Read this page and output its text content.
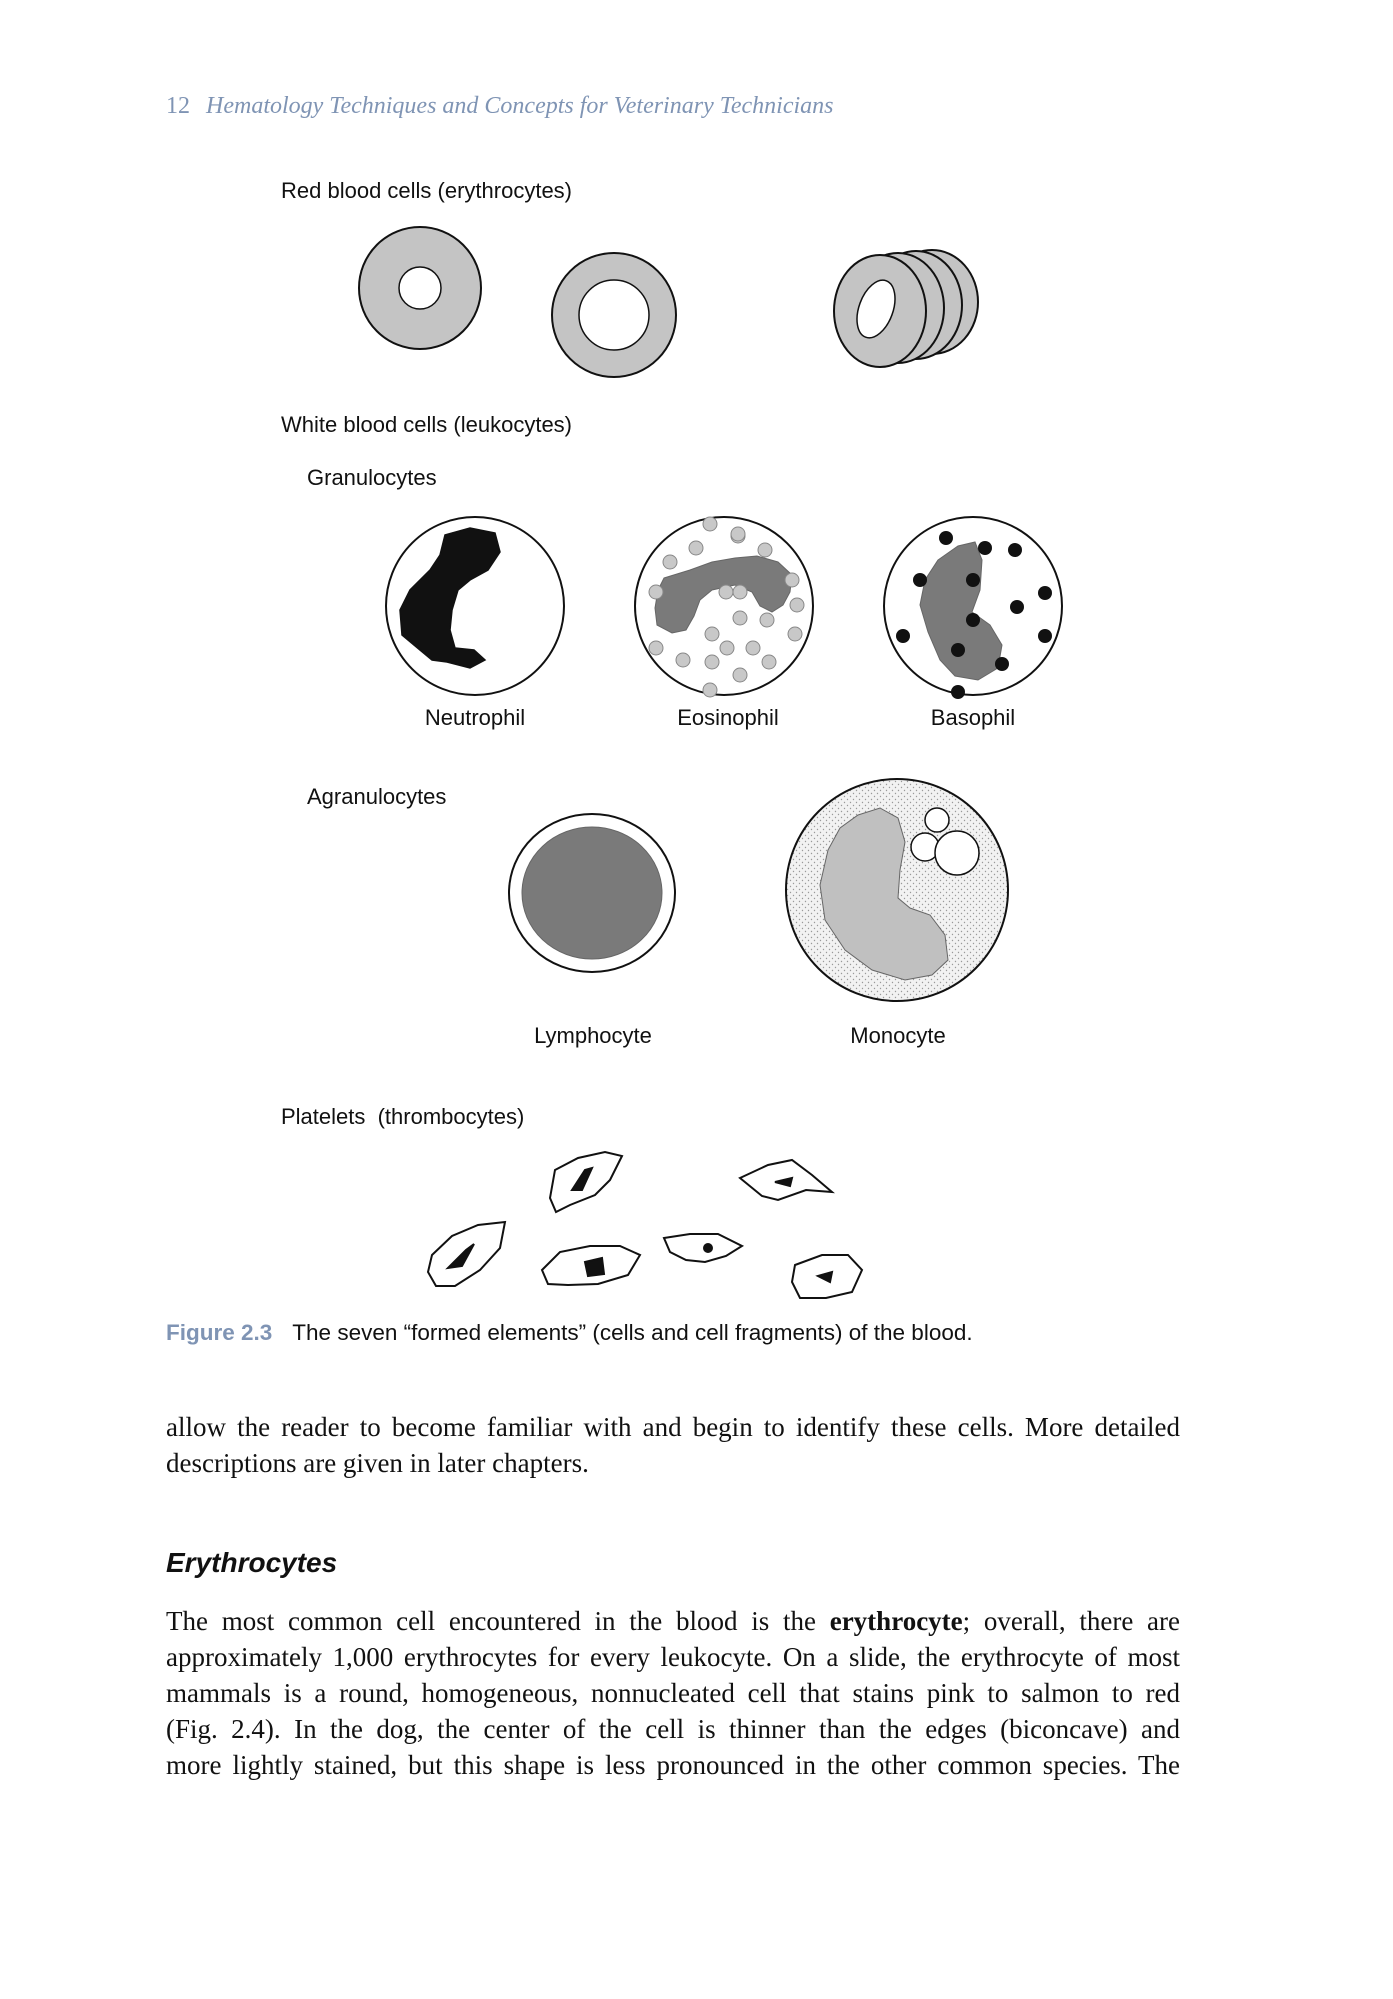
12 Hematology Techniques and Concepts for Veterinary Technicians
Red blood cells (erythrocytes)
White blood cells (leukocytes)
Granulocytes
Neutrophil	Eosinophil	Basophil
Agranulocytes
Lymphocyte	Monocyte
Platelets  (thrombocytes)
Figure 2.3 The seven “formed elements” (cells and cell fragments) of the blood.
allow the reader to become familiar with and begin to identify these cells. More detailed
descriptions are given in later chapters.
Erythrocytes
The most common cell encountered in the blood is the erythrocyte; overall, there are
approximately 1,000 erythrocytes for every leukocyte. On a slide, the erythrocyte of most
mammals is a round, homogeneous, nonnucleated cell that stains pink to salmon to red
(Fig. 2.4). In the dog, the center of the cell is thinner than the edges (biconcave) and
more lightly stained, but this shape is less pronounced in the other common species. The
